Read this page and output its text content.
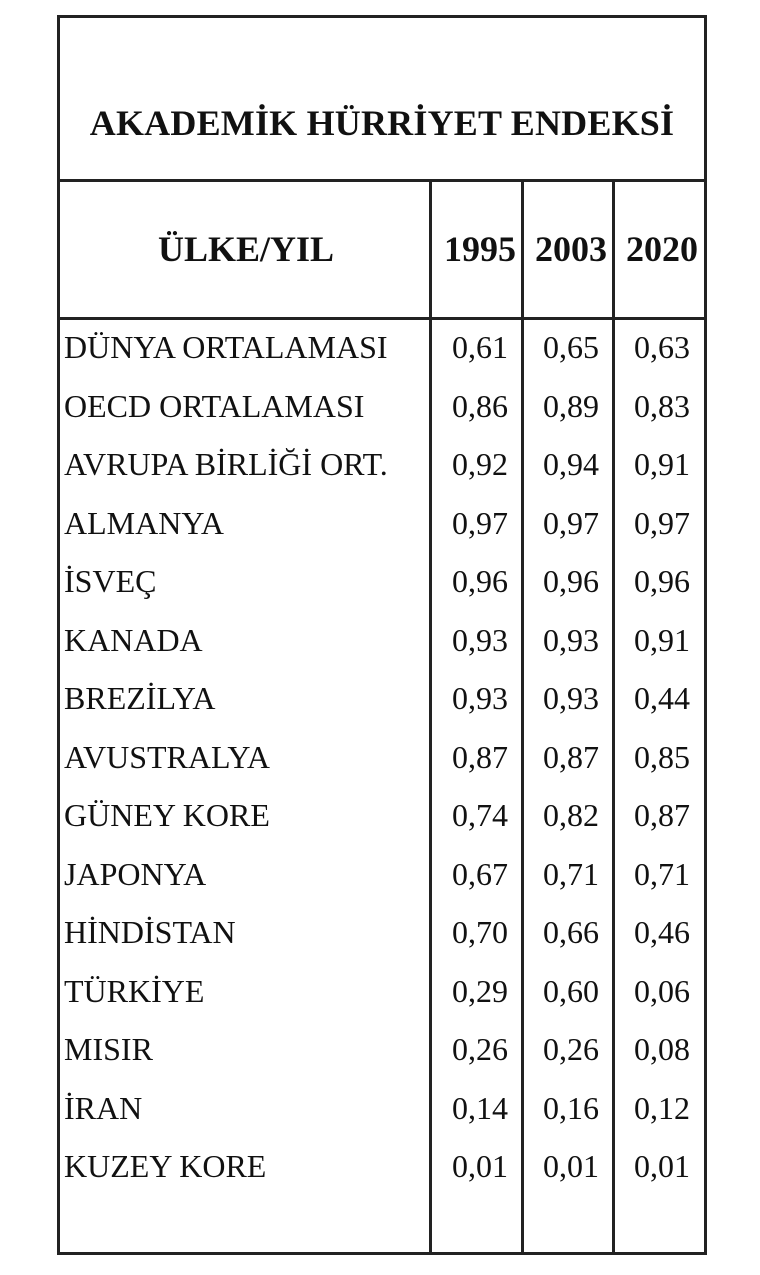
AKADEMİK HÜRRİYET ENDEKSİ
ÜLKE/YIL	1995 2003 2020
DÜNYA ORTALAMASI	0,61	0,65	0,63
OECD ORTALAMASI	0,86	0,89	0,83
AVRUPA BİRLİĞİ ORT.	0,92	0,94	0,91
ALMANYA	0,97	0,97	0,97
İSVEÇ	0,96	0,96	0,96
KANADA	0,93	0,93	0,91
BREZİLYA	0,93	0,93	0,44
AVUSTRALYA	0,87	0,87	0,85
GÜNEY KORE	0,74	0,82	0,87
JAPONYA	0,67	0,71	0,71
HİNDİSTAN	0,70	0,66	0,46
TÜRKİYE	0,29	0,60	0,06
MISIR	0,26	0,26	0,08
İRAN	0,14	0,16	0,12
KUZEY KORE	0,01	0,01	0,01
